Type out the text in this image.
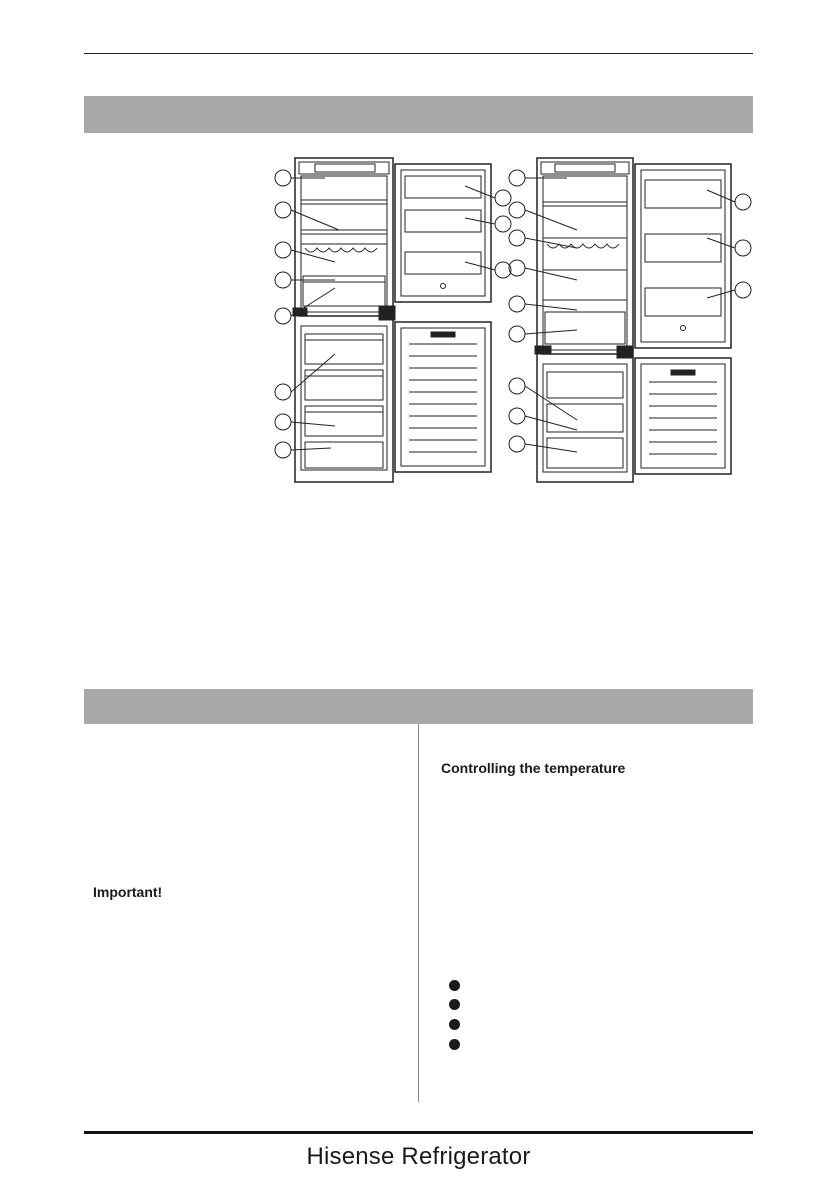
Important!
Controlling the temperature
Hisense Refrigerator
